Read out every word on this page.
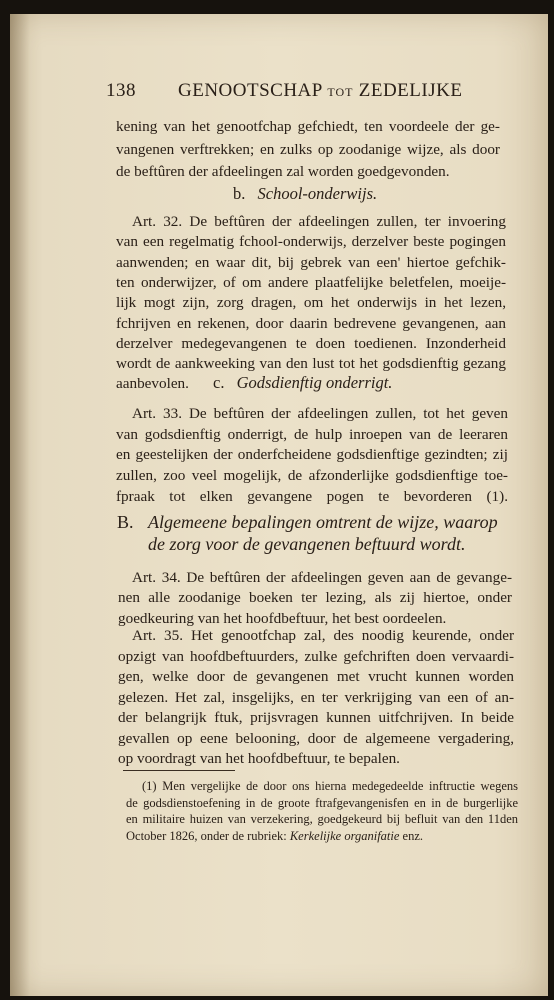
138 GENOOTSCHAP TOT ZEDELIJKE
kening van het genootfchap gefchiedt, ten voordeele der ge-
vangenen verftrekken; en zulks op zoodanige wijze, als door
de beftûren der afdeelingen zal worden goedgevonden.
b. School-onderwijs.
Art. 32. De beftûren der afdeelingen zullen, ter invoering
van een regelmatig fchool-onderwijs, derzelver beste pogingen
aanwenden; en waar dit, bij gebrek van een' hiertoe gefchik-
ten onderwijzer, of om andere plaatfelijke beletfelen, moeije-
lijk mogt zijn, zorg dragen, om het onderwijs in het lezen,
fchrijven en rekenen, door daarin bedrevene gevangenen, aan
derzelver medegevangenen te doen toedienen. Inzonderheid
wordt de aankweeking van den lust tot het godsdienftig gezang
aanbevolen. c. Godsdienftig onderrigt.
Art. 33. De beftûren der afdeelingen zullen, tot het geven
van godsdienftig onderrigt, de hulp inroepen van de leeraren
en geestelijken der onderfcheidene godsdienftige gezindten; zij
zullen, zoo veel mogelijk, de afzonderlijke godsdienftige toe-
fpraak tot elken gevangene pogen te bevorderen (1).
B. Algemeene bepalingen omtrent de wijze, waarop
de zorg voor de gevangenen beftuurd wordt.
Art. 34. De beftûren der afdeelingen geven aan de gevange-
nen alle zoodanige boeken ter lezing, als zij hiertoe, onder
goedkeuring van het hoofdbeftuur, het best oordeelen.
Art. 35. Het genootfchap zal, des noodig keurende, onder
opzigt van hoofdbeftuurders, zulke gefchriften doen vervaardi-
gen, welke door de gevangenen met vrucht kunnen worden
gelezen. Het zal, insgelijks, en ter verkrijging van een of an-
der belangrijk ftuk, prijsvragen kunnen uitfchrijven. In beide
gevallen op eene belooning, door de algemeene vergadering,
op voordragt van het hoofdbeftuur, te bepalen.
(1) Men vergelijke de door ons hierna medegedeelde inftructie wegens
de godsdienstoefening in de groote ftrafgevangenisfen en in de burgerlijke
en militaire huizen van verzekering, goedgekeurd bij befluit van den 11den
October 1826, onder de rubriek: Kerkelijke organifatie enz.
